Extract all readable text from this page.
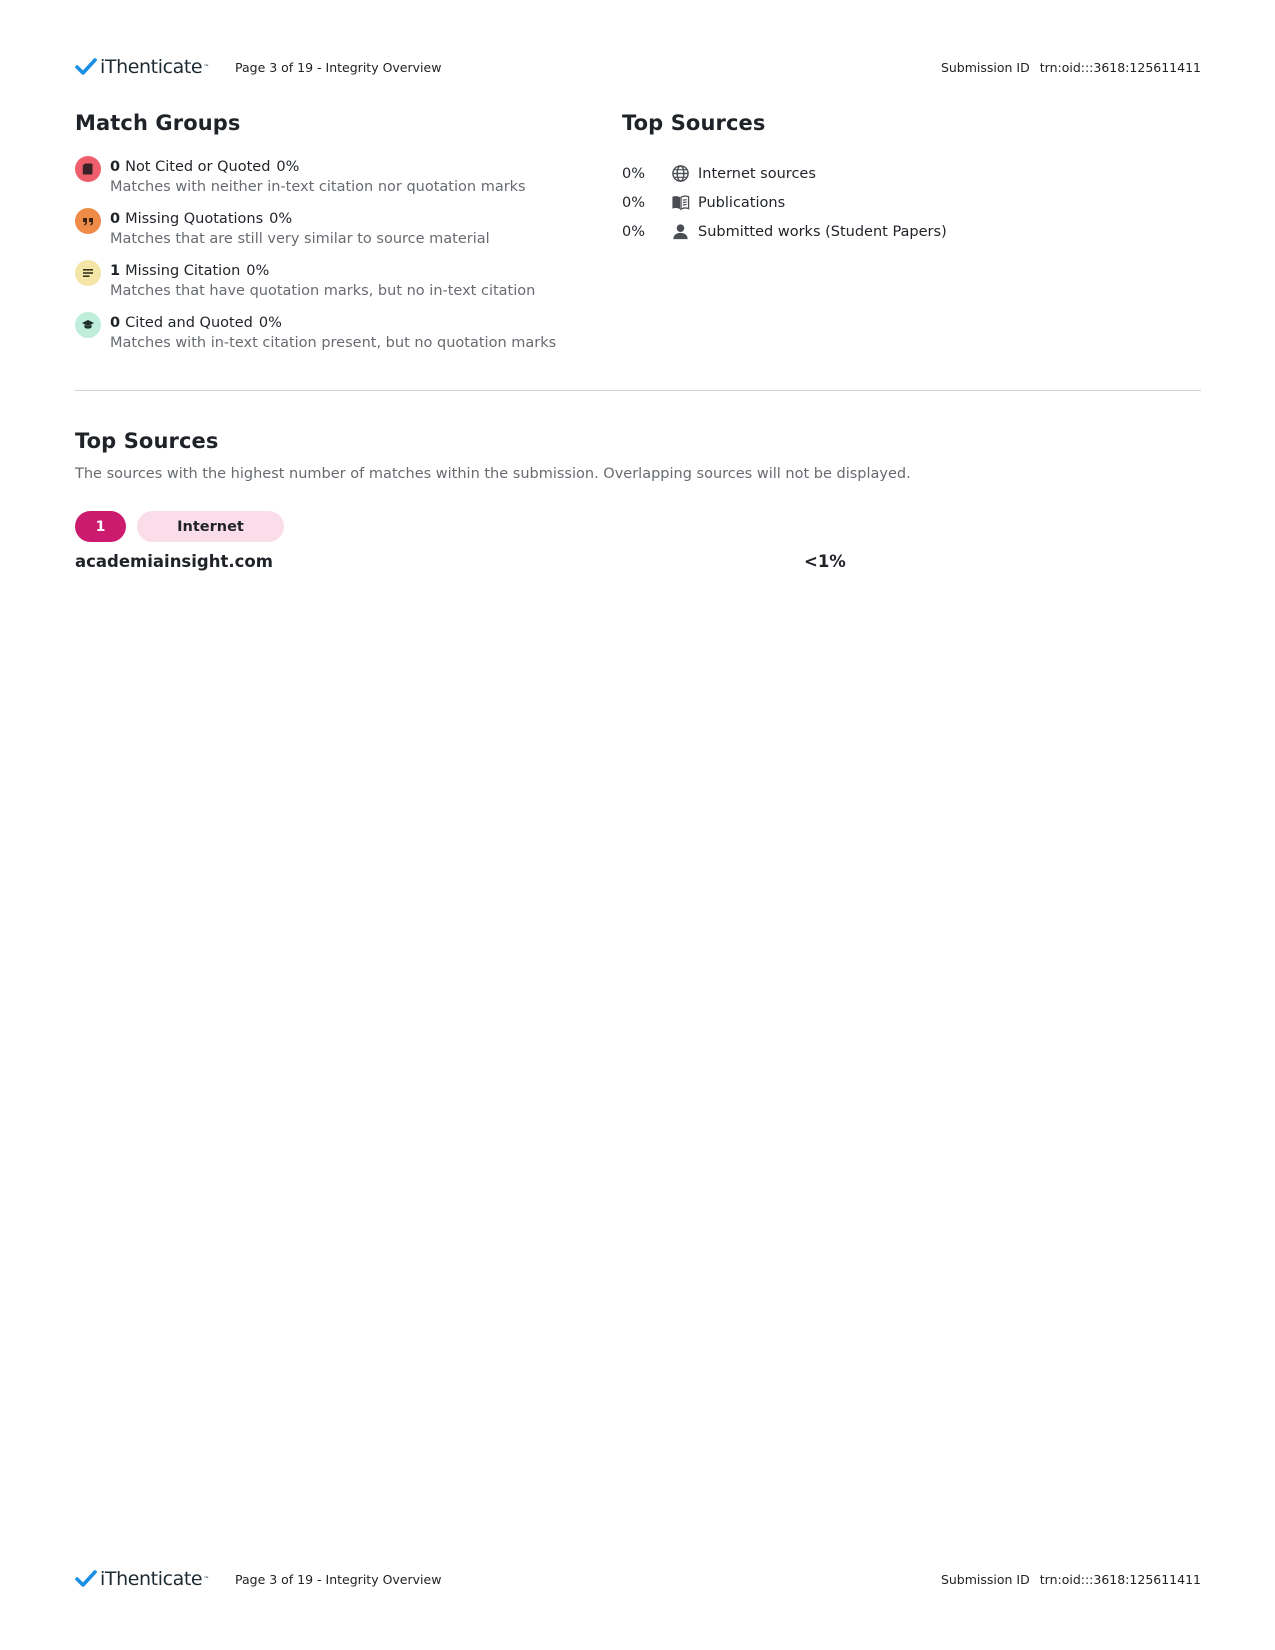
iThenticate ™ Page 3 of 19 - Integrity Overview	Submission ID trn:oid:::3618:125611411
Match Groups
0 Not Cited or Quoted 0%
Matches with neither in-text citation nor quotation marks
0 Missing Quotations 0%
Matches that are still very similar to source material
1 Missing Citation 0%
Matches that have quotation marks, but no in-text citation
0 Cited and Quoted 0%
Matches with in-text citation present, but no quotation marks
Top Sources
0%	Internet sources
0%	Publications
0%	Submitted works (Student Papers)
Top Sources
The sources with the highest number of matches within the submission. Overlapping sources will not be displayed.
1	Internet
academiainsight.com	<1%
iThenticate ™ Page 3 of 19 - Integrity Overview	Submission ID trn:oid:::3618:125611411
